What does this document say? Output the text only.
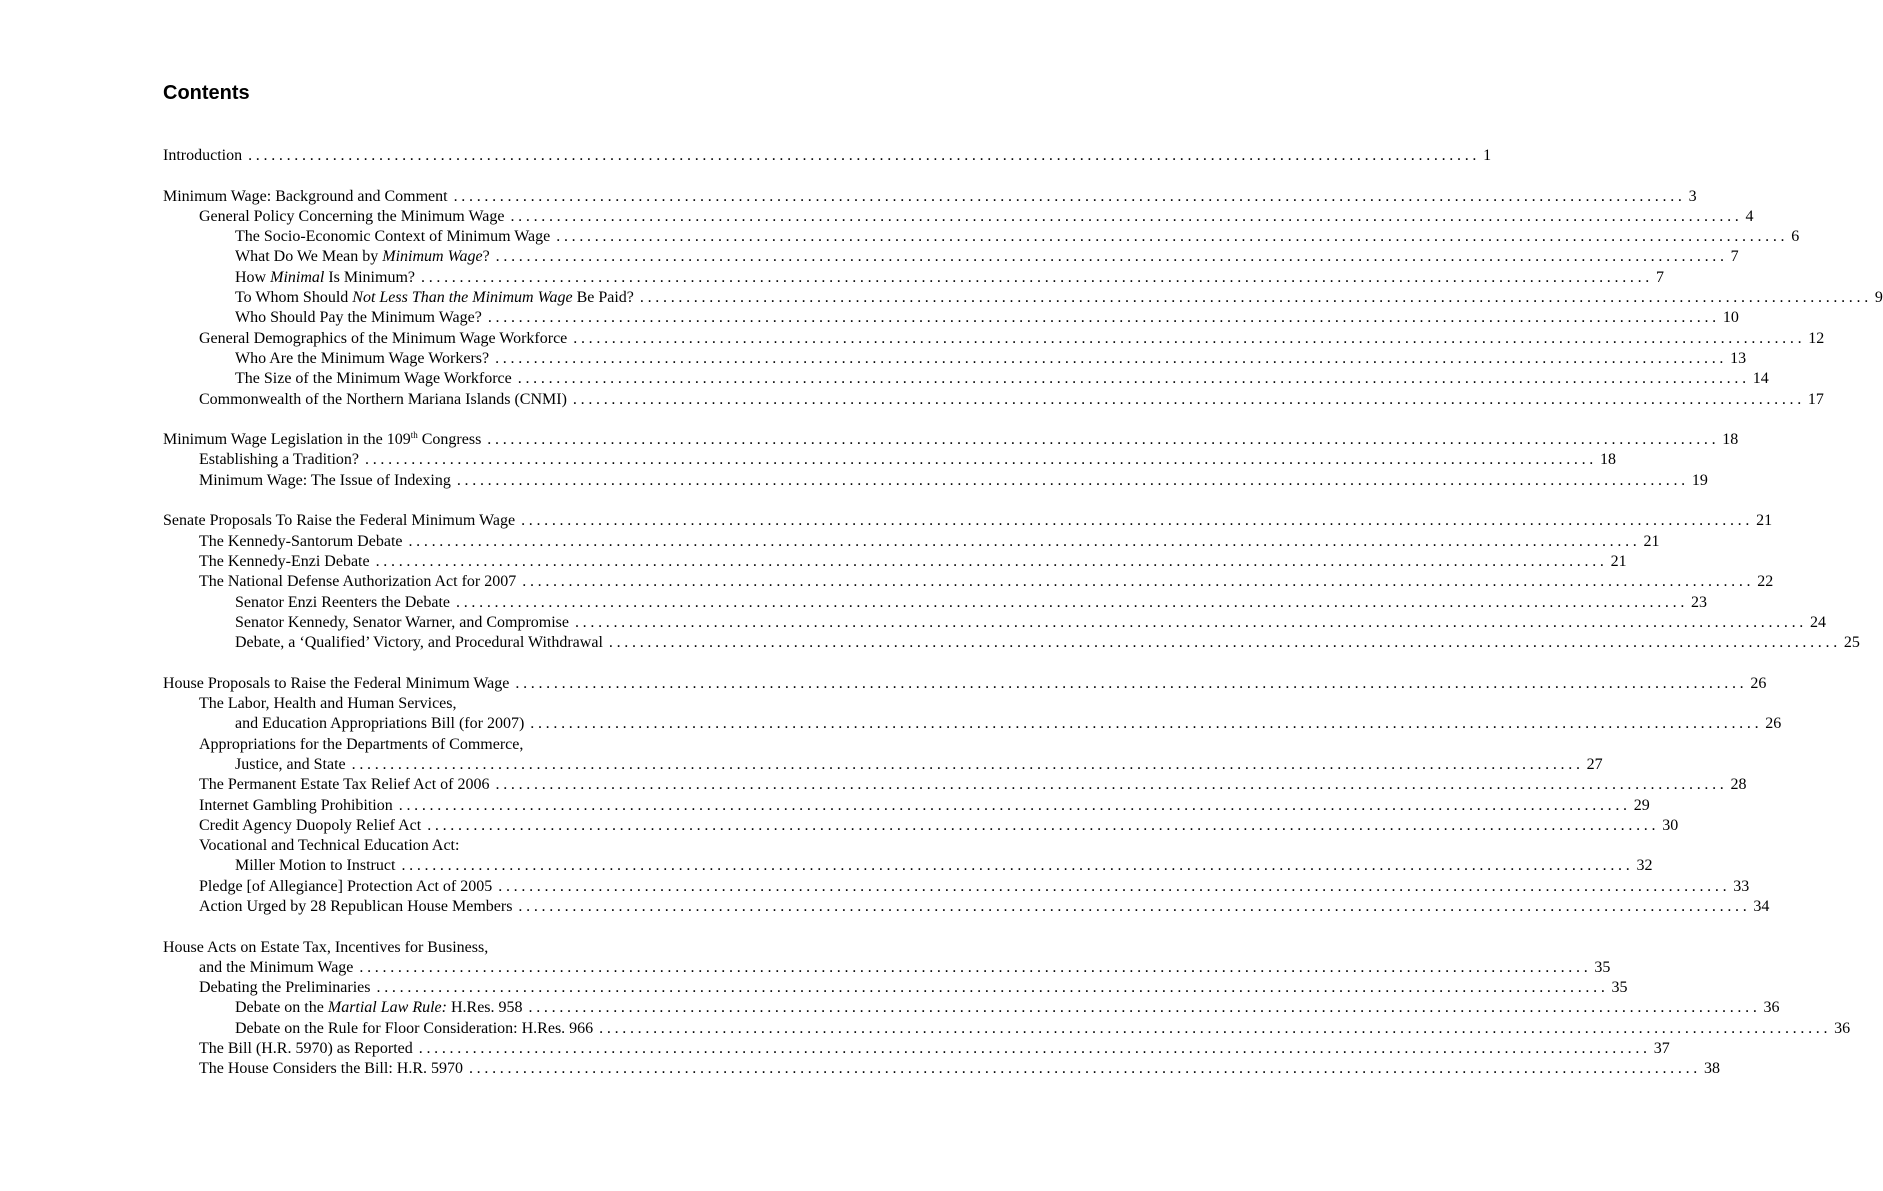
Contents
Introduction ................................................................................................................................................................ 1
Minimum Wage: Background and Comment ................................................................................................................................................................ 3
General Policy Concerning the Minimum Wage ................................................................................................................................................................ 4
The Socio-Economic Context of Minimum Wage ................................................................................................................................................................ 6
What Do We Mean by Minimum Wage? ................................................................................................................................................................ 7
How Minimal Is Minimum? ................................................................................................................................................................ 7
To Whom Should Not Less Than the Minimum Wage Be Paid? ................................................................................................................................................................ 9
Who Should Pay the Minimum Wage? ................................................................................................................................................................ 10
General Demographics of the Minimum Wage Workforce ................................................................................................................................................................ 12
Who Are the Minimum Wage Workers? ................................................................................................................................................................ 13
The Size of the Minimum Wage Workforce ................................................................................................................................................................ 14
Commonwealth of the Northern Mariana Islands (CNMI) ................................................................................................................................................................ 17
Minimum Wage Legislation in the 109th Congress ................................................................................................................................................................ 18
Establishing a Tradition? ................................................................................................................................................................ 18
Minimum Wage: The Issue of Indexing ................................................................................................................................................................ 19
Senate Proposals To Raise the Federal Minimum Wage ................................................................................................................................................................ 21
The Kennedy-Santorum Debate ................................................................................................................................................................ 21
The Kennedy-Enzi Debate ................................................................................................................................................................ 21
The National Defense Authorization Act for 2007 ................................................................................................................................................................ 22
Senator Enzi Reenters the Debate ................................................................................................................................................................ 23
Senator Kennedy, Senator Warner, and Compromise ................................................................................................................................................................ 24
Debate, a ‘Qualified’ Victory, and Procedural Withdrawal ................................................................................................................................................................ 25
House Proposals to Raise the Federal Minimum Wage ................................................................................................................................................................ 26
The Labor, Health and Human Services,
and Education Appropriations Bill (for 2007) ................................................................................................................................................................ 26
Appropriations for the Departments of Commerce,
Justice, and State ................................................................................................................................................................ 27
The Permanent Estate Tax Relief Act of 2006 ................................................................................................................................................................ 28
Internet Gambling Prohibition ................................................................................................................................................................ 29
Credit Agency Duopoly Relief Act ................................................................................................................................................................ 30
Vocational and Technical Education Act:
Miller Motion to Instruct ................................................................................................................................................................ 32
Pledge [of Allegiance] Protection Act of 2005 ................................................................................................................................................................ 33
Action Urged by 28 Republican House Members ................................................................................................................................................................ 34
House Acts on Estate Tax, Incentives for Business,
and the Minimum Wage ................................................................................................................................................................ 35
Debating the Preliminaries ................................................................................................................................................................ 35
Debate on the Martial Law Rule: H.Res. 958 ................................................................................................................................................................ 36
Debate on the Rule for Floor Consideration: H.Res. 966 ................................................................................................................................................................ 36
The Bill (H.R. 5970) as Reported ................................................................................................................................................................ 37
The House Considers the Bill: H.R. 5970 ................................................................................................................................................................ 38
